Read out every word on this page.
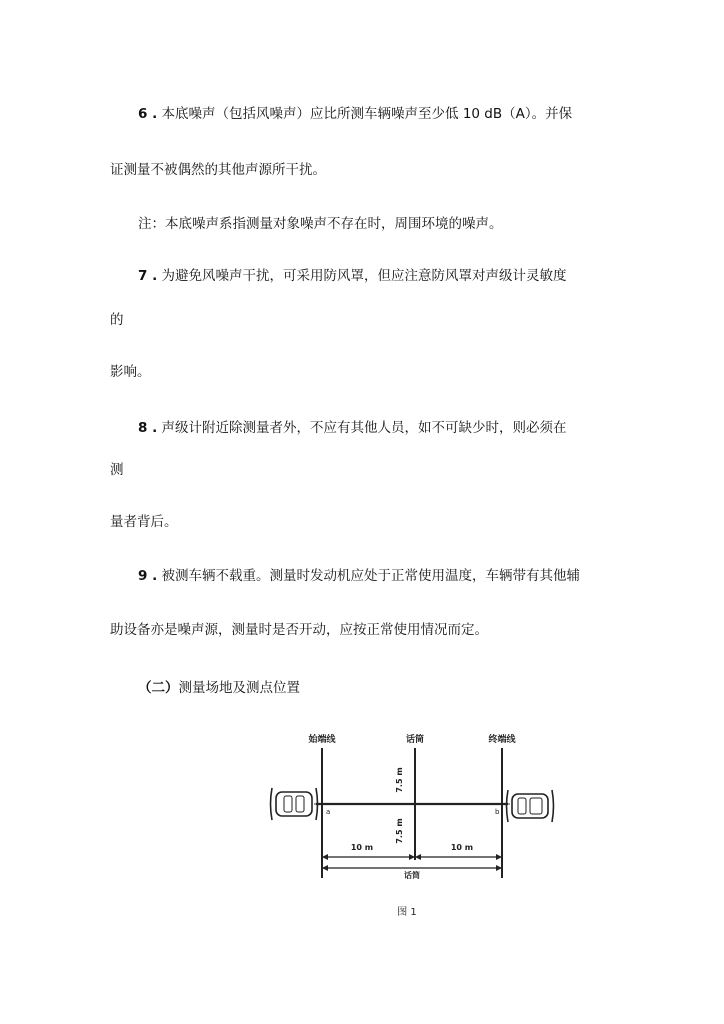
6 . 本底噪声（包括风噪声）应比所测车辆噪声至少低 10 dB（A）。并保
证测量不被偶然的其他声源所干扰。
注：本底噪声系指测量对象噪声不存在时，周围环境的噪声。
7 . 为避免风噪声干扰，可采用防风罩，但应注意防风罩对声级计灵敏度
的
影响。
8 . 声级计附近除测量者外，不应有其他人员，如不可缺少时，则必须在
测
量者背后。
9 . 被测车辆不载重。测量时发动机应处于正常使用温度，车辆带有其他辅
助设备亦是噪声源，测量时是否开动，应按正常使用情况而定。
（二）测量场地及测点位置
始端线	话筒	终端线
7.5 m
7.5 m
a	b
10 m	10 m
话筒
图 1
